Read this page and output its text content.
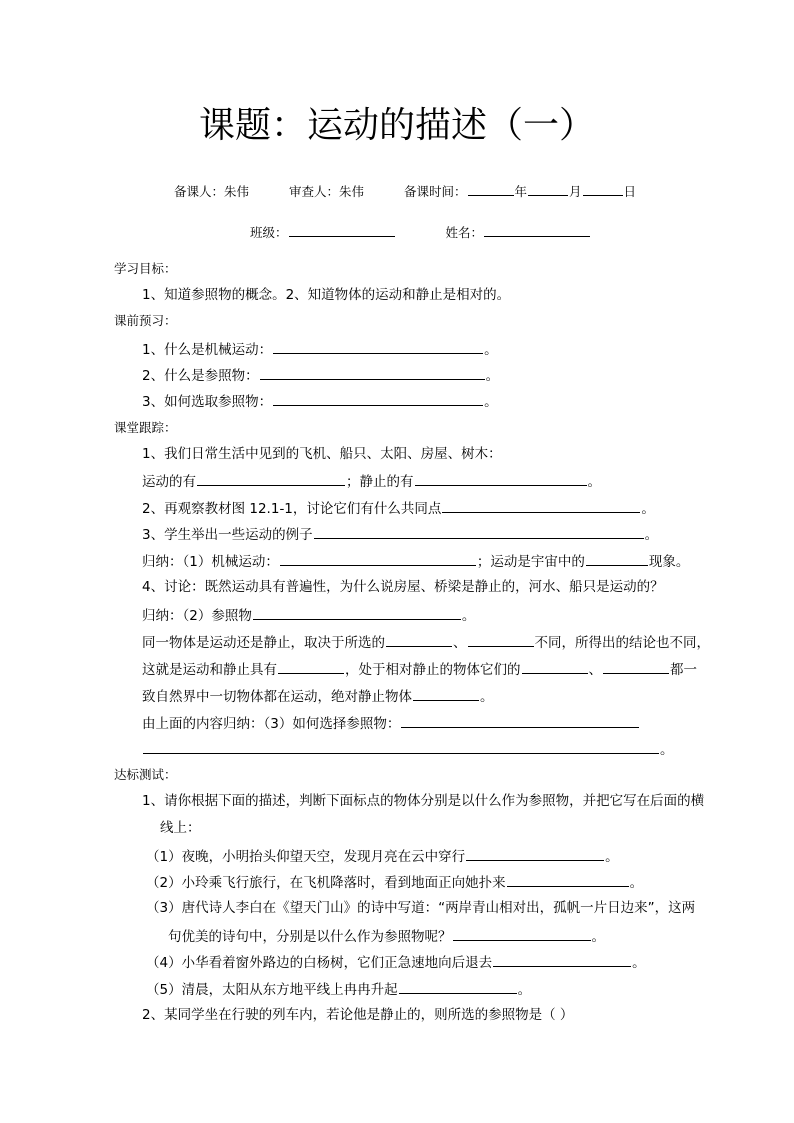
课题：运动的描述（一）
备课人：朱伟	审查人：朱伟	备课时间：	年	月	日
班级：	姓名：
学习目标：
1、知道参照物的概念。2、知道物体的运动和静止是相对的。
课前预习：
1、什么是机械运动：	。
2、什么是参照物：	。
3、如何选取参照物：	。
课堂跟踪：
1、我们日常生活中见到的飞机、船只、太阳、房屋、树木：
运动的有	；静止的有	。
2、再观察教材图 12.1-1，讨论它们有什么共同点	。
3、学生举出一些运动的例子	。
归纳：（1）机械运动：	；运动是宇宙中的	现象。
4、讨论：既然运动具有普遍性，为什么说房屋、桥梁是静止的，河水、船只是运动的？
归纳：（2）参照物	。
同一物体是运动还是静止，取决于所选的	、	不同，所得出的结论也不同，
这就是运动和静止具有	，处于相对静止的物体它们的	、	都一
致自然界中一切物体都在运动，绝对静止物体	。
由上面的内容归纳：（3）如何选择参照物：
。
达标测试：
1、请你根据下面的描述，判断下面标点的物体分别是以什么作为参照物，并把它写在后面的横
线上：
（1）夜晚，小明抬头仰望天空，发现月亮在云中穿行	。
（2）小玲乘飞行旅行，在飞机降落时，看到地面正向她扑来	。
（3）唐代诗人李白在《望天门山》的诗中写道：“两岸青山相对出，孤帆一片日边来”，这两
句优美的诗句中，分别是以什么作为参照物呢？	。
（4）小华看着窗外路边的白杨树，它们正急速地向后退去	。
（5）清晨，太阳从东方地平线上冉冉升起	。
2、某同学坐在行驶的列车内，若论他是静止的，则所选的参照物是（ ）
